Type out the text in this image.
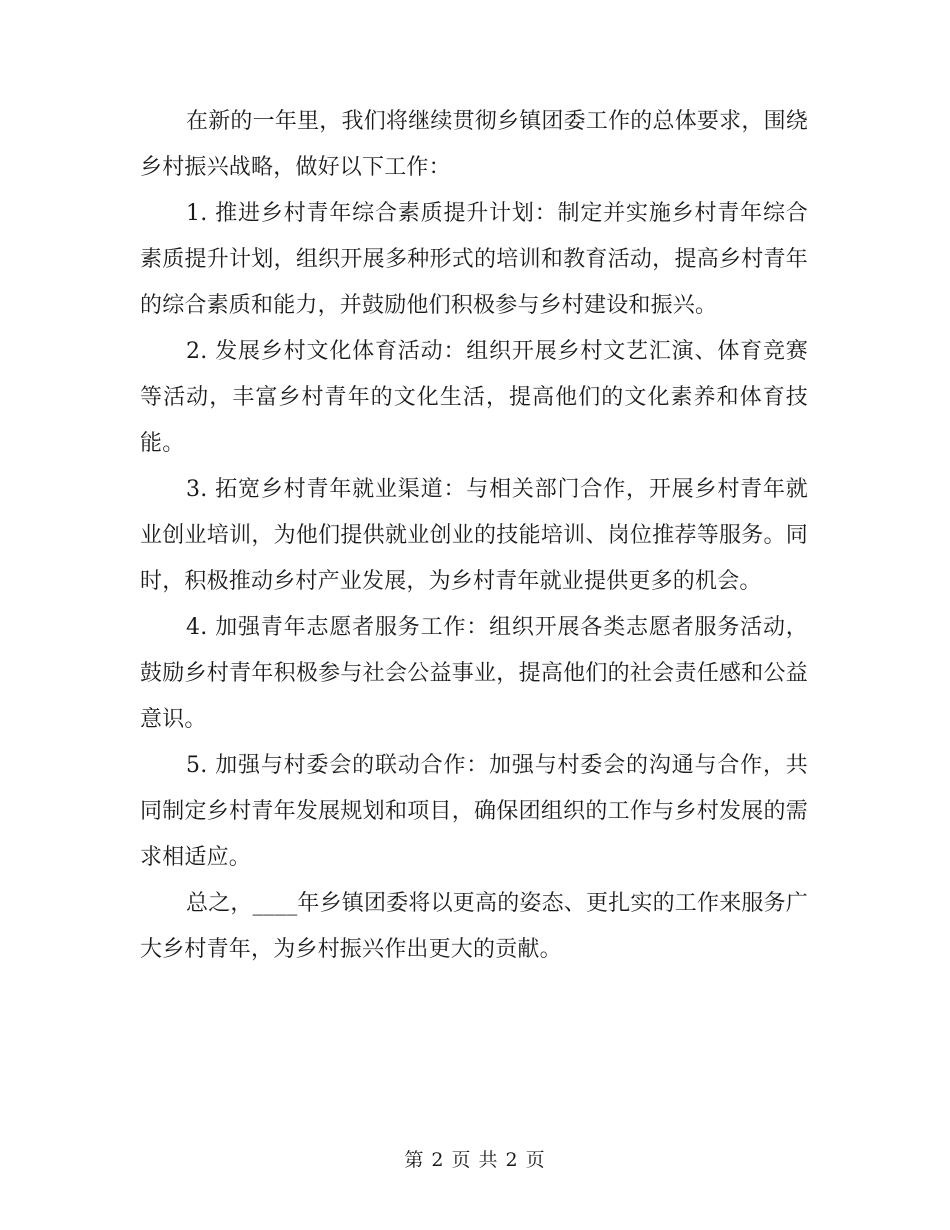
在新的一年里，我们将继续贯彻乡镇团委工作的总体要求，围绕乡村振兴战略，做好以下工作：

1. 推进乡村青年综合素质提升计划：制定并实施乡村青年综合素质提升计划，组织开展多种形式的培训和教育活动，提高乡村青年的综合素质和能力，并鼓励他们积极参与乡村建设和振兴。

2. 发展乡村文化体育活动：组织开展乡村文艺汇演、体育竞赛等活动，丰富乡村青年的文化生活，提高他们的文化素养和体育技能。

3. 拓宽乡村青年就业渠道：与相关部门合作，开展乡村青年就业创业培训，为他们提供就业创业的技能培训、岗位推荐等服务。同时，积极推动乡村产业发展，为乡村青年就业提供更多的机会。

4. 加强青年志愿者服务工作：组织开展各类志愿者服务活动，鼓励乡村青年积极参与社会公益事业，提高他们的社会责任感和公益意识。

5. 加强与村委会的联动合作：加强与村委会的沟通与合作，共同制定乡村青年发展规划和项目，确保团组织的工作与乡村发展的需求相适应。

总之，____年乡镇团委将以更高的姿态、更扎实的工作来服务广大乡村青年，为乡村振兴作出更大的贡献。

第 2 页 共 2 页
